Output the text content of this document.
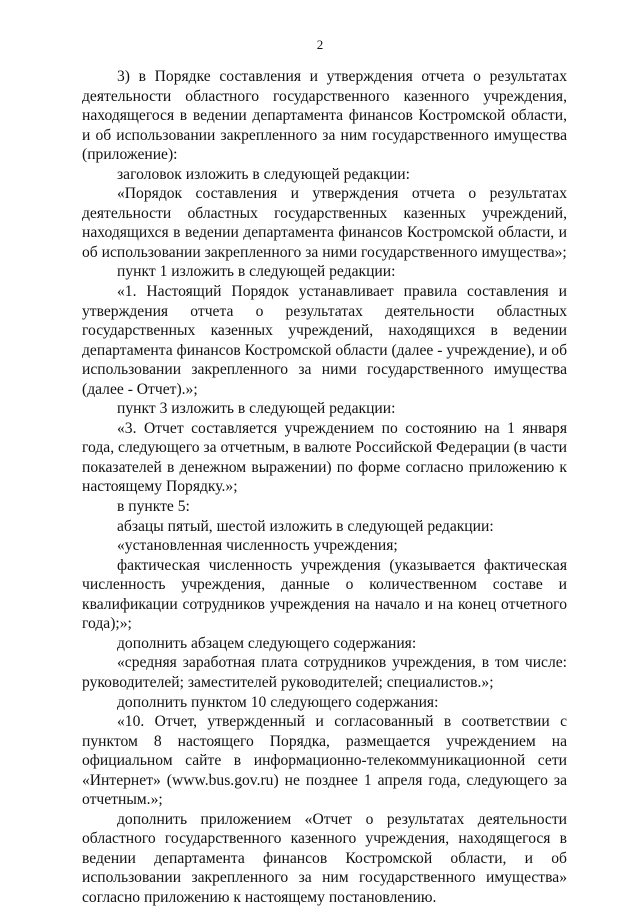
2

3) в Порядке составления и утверждения отчета о результатах деятельности областного государственного казенного учреждения, находящегося в ведении департамента финансов Костромской области, и об использовании закрепленного за ним государственного имущества (приложение):

заголовок изложить в следующей редакции:

«Порядок составления и утверждения отчета о результатах деятельности областных государственных казенных учреждений, находящихся в ведении департамента финансов Костромской области, и об использовании закрепленного за ними государственного имущества»;

пункт 1 изложить в следующей редакции:

«1. Настоящий Порядок устанавливает правила составления и утверждения отчета о результатах деятельности областных государственных казенных учреждений, находящихся в ведении департамента финансов Костромской области (далее - учреждение), и об использовании закрепленного за ними государственного имущества (далее - Отчет).»;

пункт 3 изложить в следующей редакции:

«3. Отчет составляется учреждением по состоянию на 1 января года, следующего за отчетным, в валюте Российской Федерации (в части показателей в денежном выражении) по форме согласно приложению к настоящему Порядку.»;

в пункте 5:

абзацы пятый, шестой изложить в следующей редакции:

«установленная численность учреждения;

фактическая численность учреждения (указывается фактическая численность учреждения, данные о количественном составе и квалификации сотрудников учреждения на начало и на конец отчетного года);»;

дополнить абзацем следующего содержания:

«средняя заработная плата сотрудников учреждения, в том числе: руководителей; заместителей руководителей; специалистов.»;

дополнить пунктом 10 следующего содержания:

«10. Отчет, утвержденный и согласованный в соответствии с пунктом 8 настоящего Порядка, размещается учреждением на официальном сайте в информационно-телекоммуникационной сети «Интернет» (www.bus.gov.ru) не позднее 1 апреля года, следующего за отчетным.»;

дополнить приложением «Отчет о результатах деятельности областного государственного казенного учреждения, находящегося в ведении департамента финансов Костромской области, и об использовании закрепленного за ним государственного имущества» согласно приложению к настоящему постановлению.
